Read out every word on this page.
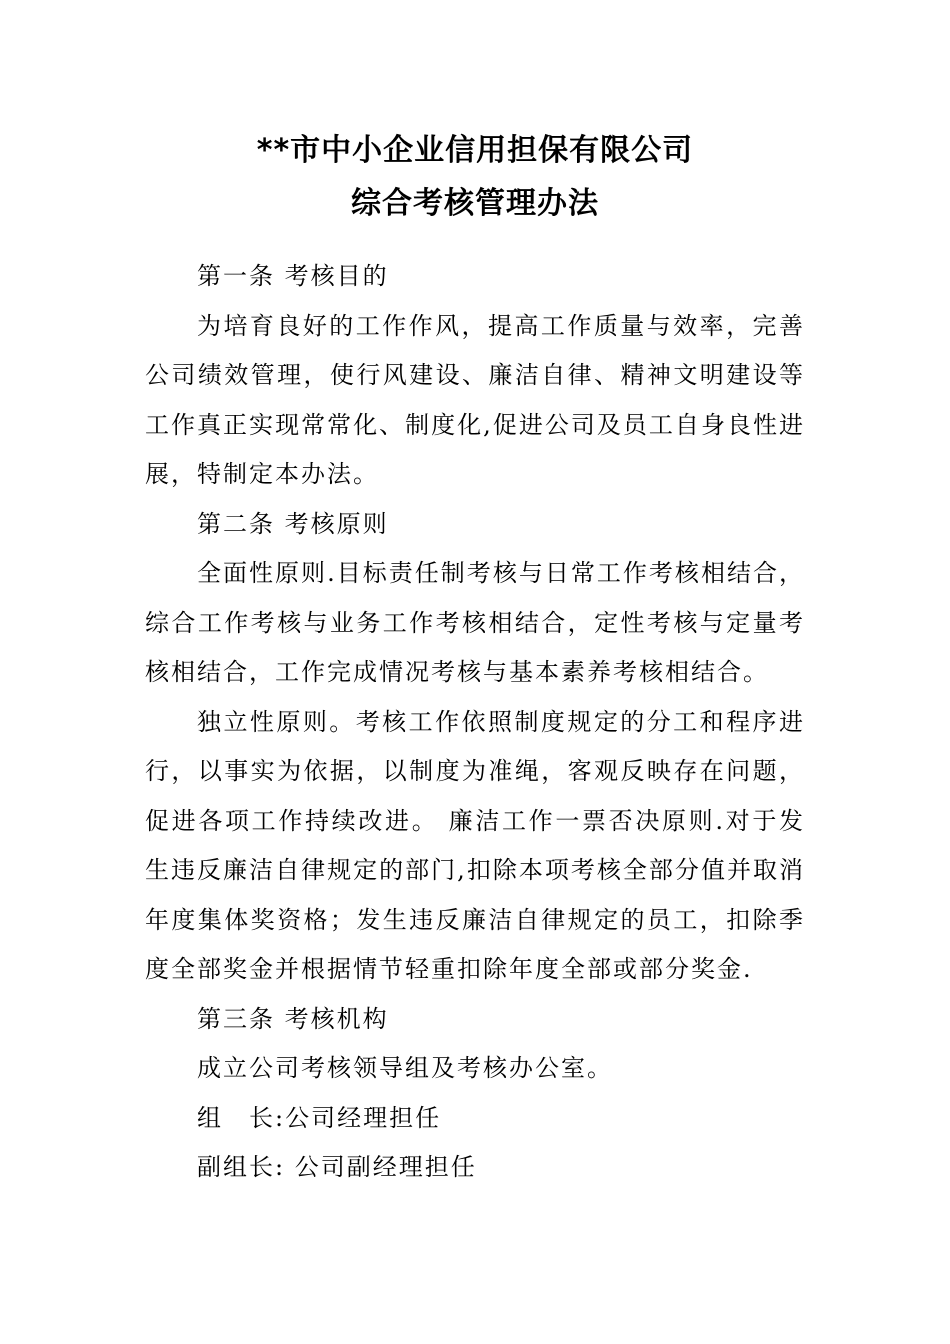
**市中小企业信用担保有限公司
综合考核管理办法

第一条 考核目的

为培育良好的工作作风，提高工作质量与效率，完善公司绩效管理，使行风建设、廉洁自律、精神文明建设等工作真正实现常常化、制度化,促进公司及员工自身良性进展，特制定本办法。

第二条 考核原则

全面性原则.目标责任制考核与日常工作考核相结合，综合工作考核与业务工作考核相结合，定性考核与定量考核相结合，工作完成情况考核与基本素养考核相结合。

独立性原则。考核工作依照制度规定的分工和程序进行，以事实为依据，以制度为准绳，客观反映存在问题，促进各项工作持续改进。 廉洁工作一票否决原则.对于发生违反廉洁自律规定的部门,扣除本项考核全部分值并取消年度集体奖资格；发生违反廉洁自律规定的员工，扣除季度全部奖金并根据情节轻重扣除年度全部或部分奖金.

第三条 考核机构

成立公司考核领导组及考核办公室。

组　长:公司经理担任

副组长: 公司副经理担任
